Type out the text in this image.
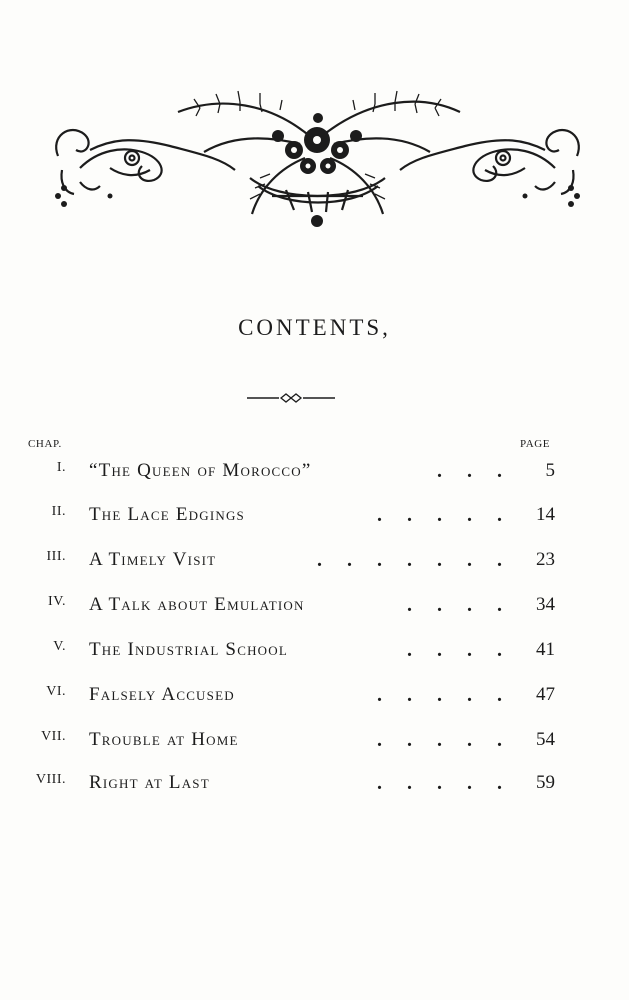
CONTENTS,
CHAP.	PAGE
I. “The Queen of Morocco”	. . . 5
II. The Lace Edgings	. . . . . 14
III. A Timely Visit	. . . . . . . 23
IV. A Talk about Emulation	. . . . 34
V. The Industrial School	. . . . 41
VI. Falsely Accused	. . . . . 47
VII. Trouble at Home	. . . . . 54
VIII. Right at Last	. . . . . 59
